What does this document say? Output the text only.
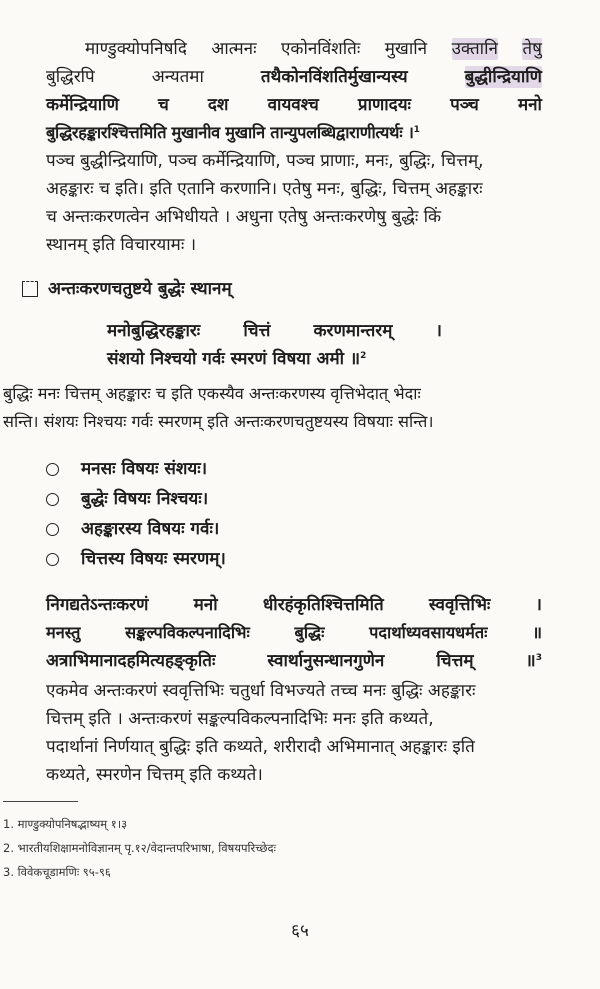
माण्डुक्योपनिषदि आत्मनः एकोनविंशतिः मुखानि उक्तानि तेषु
बुद्धिरपि	अन्यतमा	तथैकोनविंशतिर्मुखान्यस्य	बुद्धीन्द्रियाणि
कर्मेन्द्रियाणि च दश वायवश्च प्राणादयः पञ्च मनो
बुद्धिरहङ्कारश्चित्तमिति मुखानीव मुखानि तान्युपलब्धिद्वाराणीत्यर्थः ।$^1$
पञ्च बुद्धीन्द्रियाणि, पञ्च कर्मेन्द्रियाणि, पञ्च प्राणाः, मनः, बुद्धिः, चित्तम्,
अहङ्कारः च इति। इति एतानि करणानि। एतेषु मनः, बुद्धिः, चित्तम् अहङ्कारः
च अन्तःकरणत्वेन अभिधीयते । अधुना एतेषु अन्तःकरणेषु बुद्धेः किं
स्थानम् इति विचारयामः ।
अन्तःकरणचतुष्टये बुद्धेः स्थानम्
मनोबुद्धिरहङ्कारः	चित्तं	करणमान्तरम्	।
संशयो निश्चयो गर्वः स्मरणं विषया अमी ॥$^2$
बुद्धिः मनः चित्तम् अहङ्कारः च इति एकस्यैव अन्तःकरणस्य वृत्तिभेदात् भेदाः
सन्ति। संशयः निश्चयः गर्वः स्मरणम् इति अन्तःकरणचतुष्टयस्य विषयाः सन्ति।
मनसः विषयः संशयः।
बुद्धेः विषयः निश्चयः।
अहङ्कारस्य विषयः गर्वः।
चित्तस्य विषयः स्मरणम्।
निगद्यतेऽन्तःकरणं	मनो	धीरहंकृतिश्चित्तमिति	स्ववृत्तिभिः	।
मनस्तु	सङ्कल्पविकल्पनादिभिः	बुद्धिः	पदार्थाध्यवसायधर्मतः	॥
अत्राभिमानादहमित्यहङ्कृतिः	स्वार्थानुसन्धानगुणेन	चित्तम्	॥$^3$
एकमेव अन्तःकरणं स्ववृत्तिभिः चतुर्धा विभज्यते तच्च मनः बुद्धिः अहङ्कारः
चित्तम् इति । अन्तःकरणं सङ्कल्पविकल्पनादिभिः मनः इति कथ्यते,
पदार्थानां निर्णयात् बुद्धिः इति कथ्यते, शरीरादौ अभिमानात् अहङ्कारः इति
कथ्यते, स्मरणेन चित्तम् इति कथ्यते।
1. माण्डुक्योपनिषद्भाष्यम् १।३
2. भारतीयशिक्षामनोविज्ञानम् पृ.१२/वेदान्तपरिभाषा, विषयपरिच्छेदः
3. विवेकचूडामणिः ९५-९६
६५
